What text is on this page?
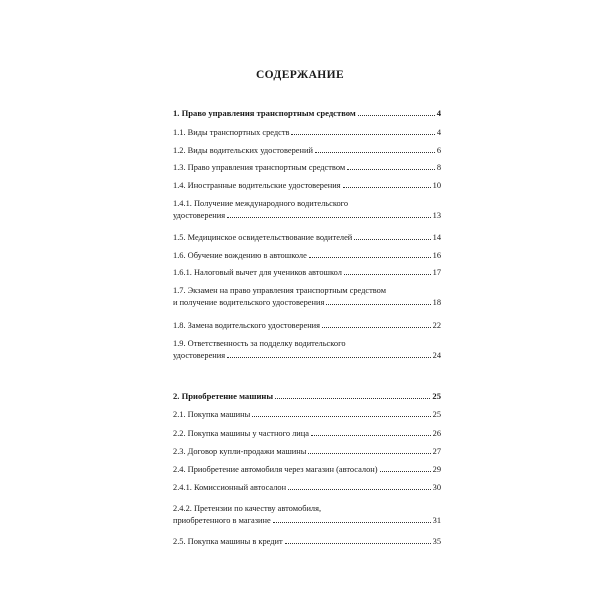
СОДЕРЖАНИЕ
1. Право управления транспортным средством	4
1.1. Виды транспортных средств	4
1.2. Виды водительских удостоверений	6
1.3. Право управления транспортным средством	8
1.4. Иностранные водительские удостоверения	10
1.4.1. Получение международного водительского
удостоверения	13
1.5. Медицинское освидетельствование водителей	14
1.6. Обучение вождению в автошколе	16
1.6.1. Налоговый вычет для учеников автошкол	17
1.7. Экзамен на право управления транспортным средством
и получение водительского удостоверения	18
1.8. Замена водительского удостоверения	22
1.9. Ответственность за подделку водительского
удостоверения	24
2. Приобретение машины	25
2.1. Покупка машины	25
2.2. Покупка машины у частного лица	26
2.3. Договор купли-продажи машины	27
2.4. Приобретение автомобиля через магазин (автосалон)	29
2.4.1. Комиссионный автосалон	30
2.4.2. Претензии по качеству автомобиля,
приобретенного в магазине	31
2.5. Покупка машины в кредит	35
